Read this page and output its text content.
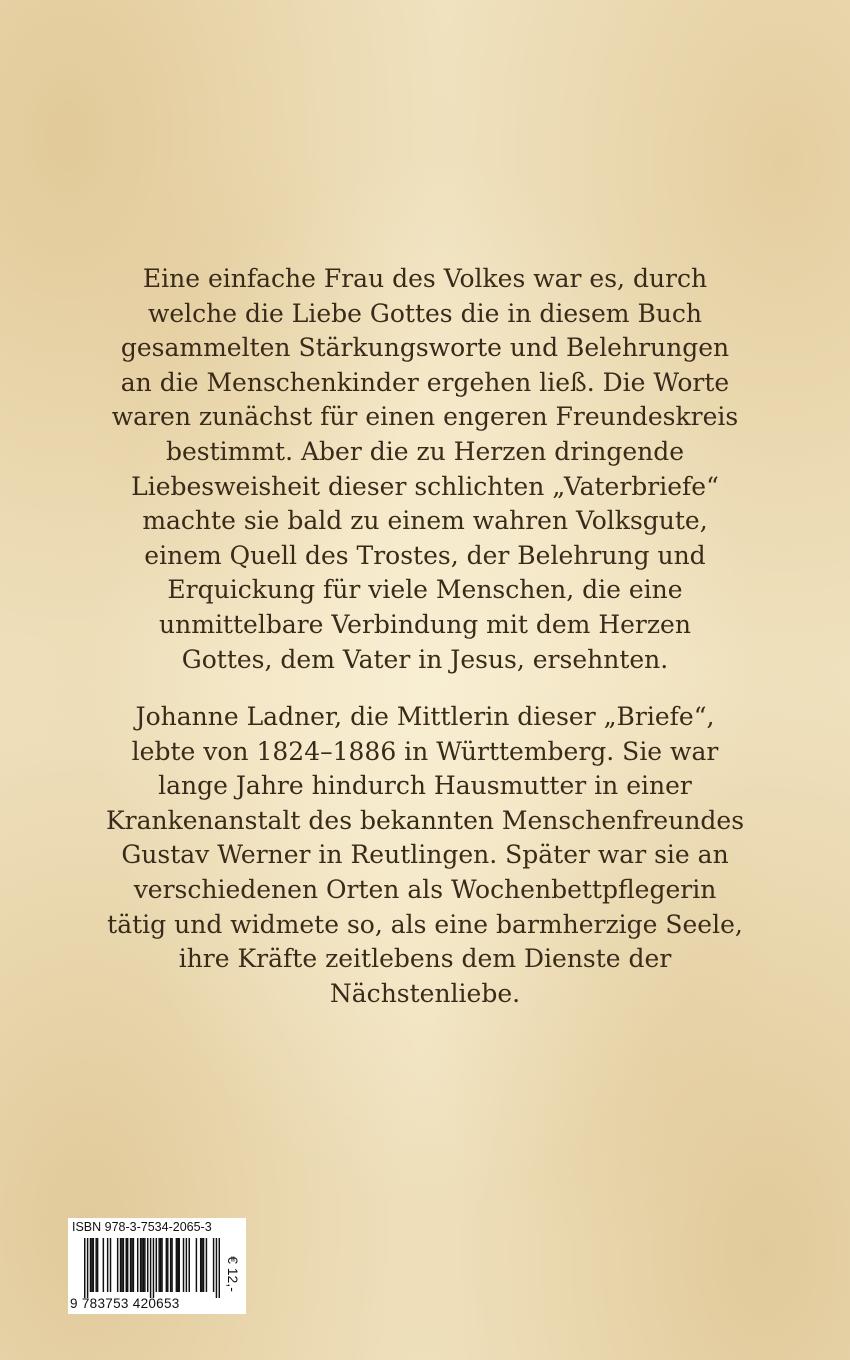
Eine einfache Frau des Volkes war es, durch
welche die Liebe Gottes die in diesem Buch
gesammelten Stärkungsworte und Belehrungen
an die Menschenkinder ergehen ließ. Die Worte
waren zunächst für einen engeren Freundeskreis
bestimmt. Aber die zu Herzen dringende
Liebesweisheit dieser schlichten „Vaterbriefe“
machte sie bald zu einem wahren Volksgute,
einem Quell des Trostes, der Belehrung und
Erquickung für viele Menschen, die eine
unmittelbare Verbindung mit dem Herzen
Gottes, dem Vater in Jesus, ersehnten.
Johanne Ladner, die Mittlerin dieser „Briefe“,
lebte von 1824–1886 in Württemberg. Sie war
lange Jahre hindurch Hausmutter in einer
Krankenanstalt des bekannten Menschenfreundes
Gustav Werner in Reutlingen. Später war sie an
verschiedenen Orten als Wochenbettpflegerin
tätig und widmete so, als eine barmherzige Seele,
ihre Kräfte zeitlebens dem Dienste der
Nächstenliebe.
ISBN 978-3-7534-2065-3
9 783753 420653
€ 12,-
